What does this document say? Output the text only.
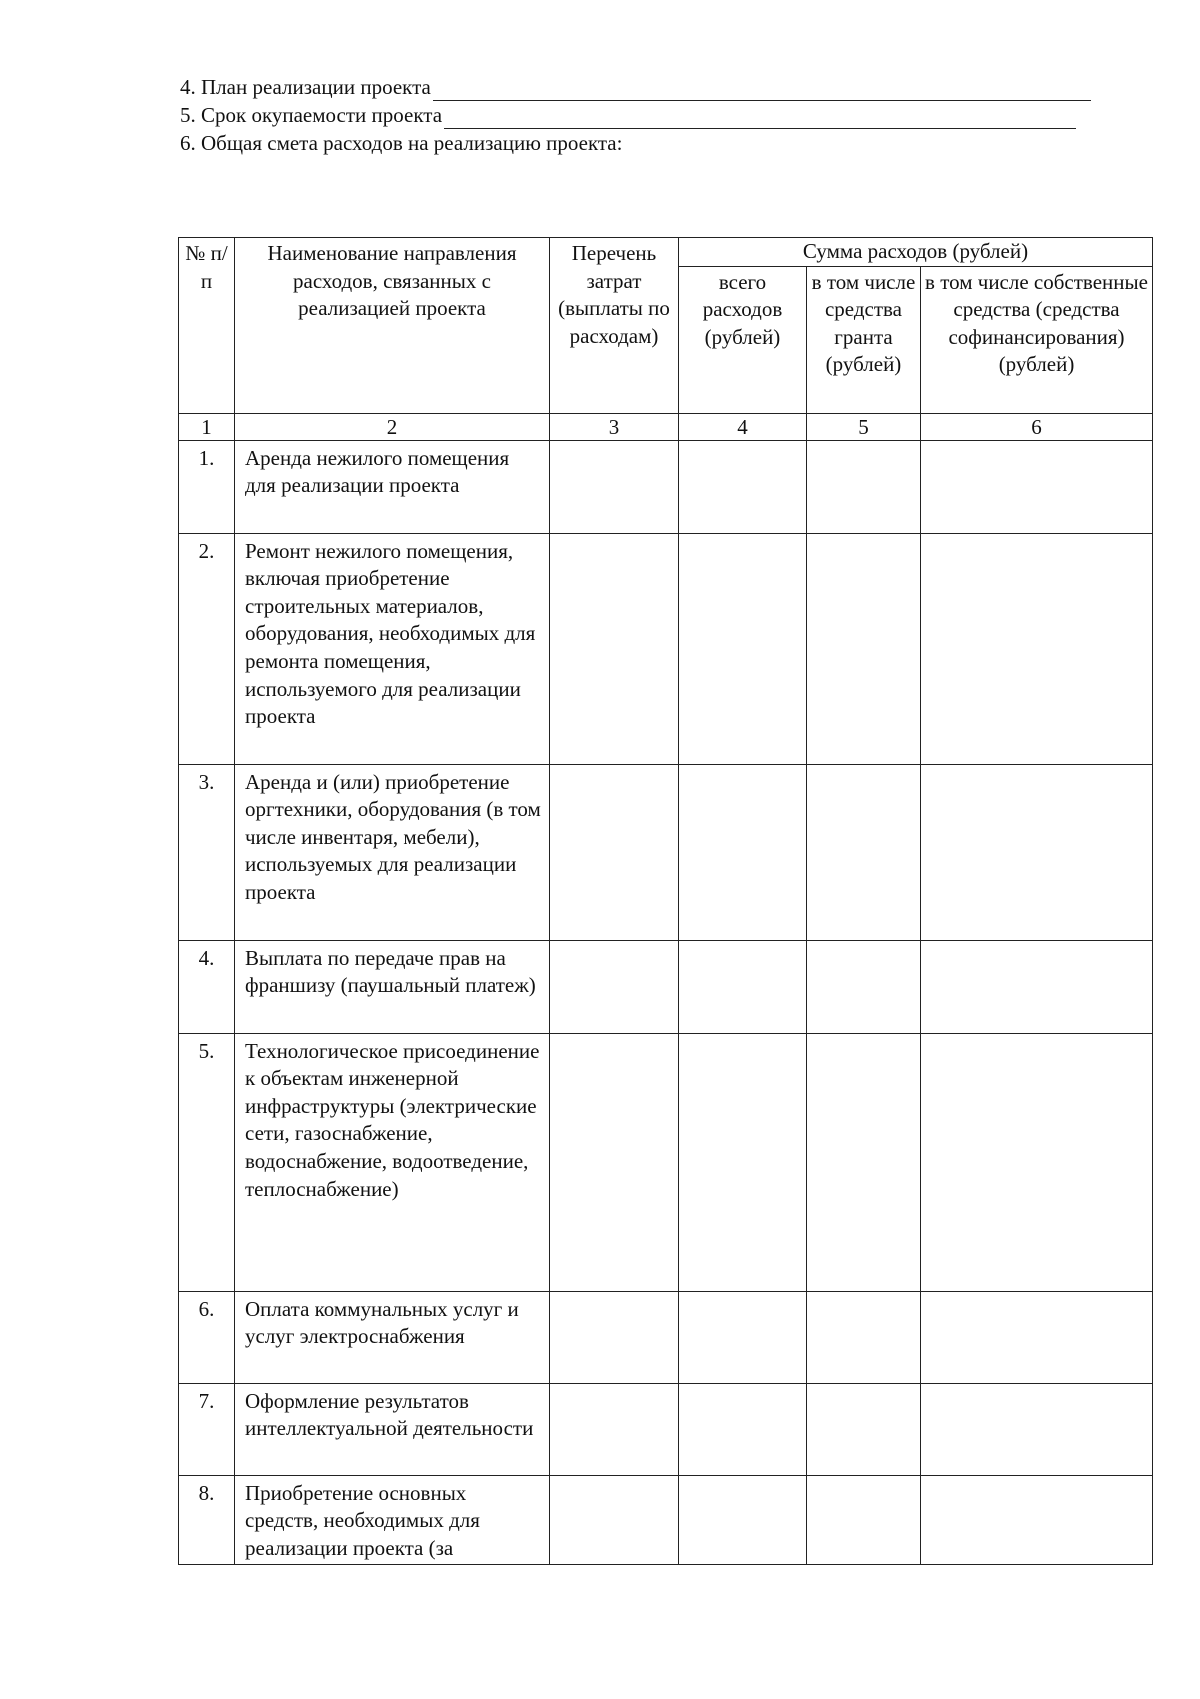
4. План реализации проекта
5. Срок окупаемости проекта
6. Общая смета расходов на реализацию проекта:
№ п/п	Наименование направления расходов, связанных с реализацией проекта	Перечень затрат (выплаты по расходам)	Сумма расходов (рублей)		
			всего расходов (рублей)	в том числе средства гранта (рублей)	в том числе собственные средства (средства софинансирования) (рублей)
1	2	3	4	5	6
1.	Аренда нежилого помещения для реализации проекта				
2.	Ремонт нежилого помещения, включая приобретение строительных материалов, оборудования, необходимых для ремонта помещения, используемого для реализации проекта				
3.	Аренда и (или) приобретение оргтехники, оборудования (в том числе инвентаря, мебели), используемых для реализации проекта				
4.	Выплата по передаче прав на франшизу (паушальный платеж)				
5.	Технологическое присоединение к объектам инженерной инфраструктуры (электрические сети, газоснабжение, водоснабжение, водоотведение, теплоснабжение)				
6.	Оплата коммунальных услуг и услуг электроснабжения				
7.	Оформление результатов интеллектуальной деятельности				
8.	Приобретение основных средств, необходимых для реализации проекта (за				
